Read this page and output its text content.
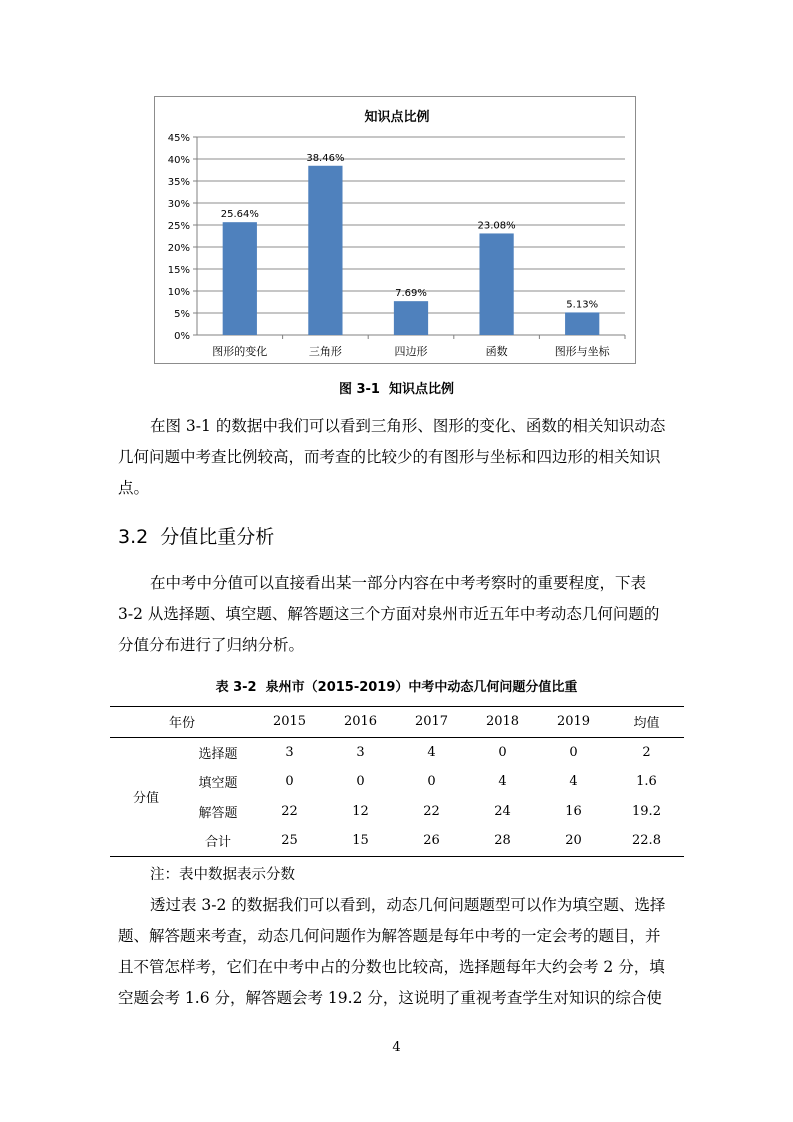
知识点比例
0%
5%
10%
15%
20%
25%
30%
35%
40%
45%
25.64%
图形的变化
38.46%
三角形
7.69%
四边形
23.08%
函数
5.13%
图形与坐标
图 3-1  知识点比例
在图 3-1 的数据中我们可以看到三角形、图形的变化、函数的相关知识动态
几何问题中考查比例较高，而考查的比较少的有图形与坐标和四边形的相关知识
点。
3.2  分值比重分析
在中考中分值可以直接看出某一部分内容在中考考察时的重要程度，下表
3-2 从选择题、填空题、解答题这三个方面对泉州市近五年中考动态几何问题的
分值分布进行了归纳分析。
表 3-2  泉州市（2015-2019）中考中动态几何问题分值比重
年份		2015	2016	2017	2018	2019	均值
分值	选择题	3	3	4	0	0	2
	填空题	0	0	0	4	4	1.6
	解答题	22	12	22	24	16	19.2
	合计	25	15	26	28	20	22.8
注：表中数据表示分数
透过表 3-2 的数据我们可以看到，动态几何问题题型可以作为填空题、选择
题、解答题来考查，动态几何问题作为解答题是每年中考的一定会考的题目，并
且不管怎样考，它们在中考中占的分数也比较高，选择题每年大约会考 2 分，填
空题会考 1.6 分，解答题会考 19.2 分，这说明了重视考查学生对知识的综合使
4
